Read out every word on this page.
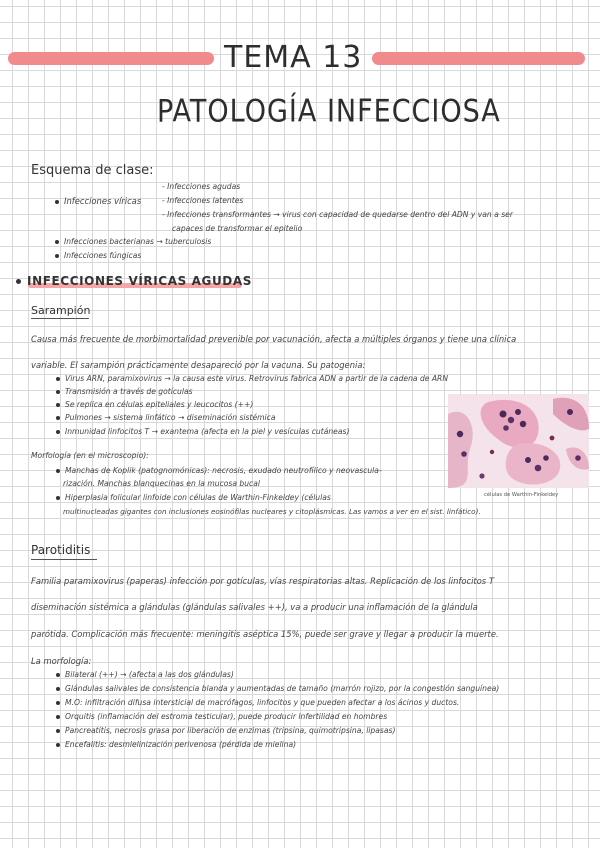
TEMA 13
PATOLOGÍA INFECCIOSA
Esquema de clase:
Infecciones víricas
- Infecciones agudas
- Infecciones latentes
- Infecciones transformantes → virus con capacidad de quedarse dentro del ADN y van a ser
capaces de transformar el epitelio
Infecciones bacterianas → tuberculosis
Infecciones fúngicas
INFECCIONES VÍRICAS AGUDAS
Sarampión
Causa más frecuente de morbimortalidad prevenible por vacunación, afecta a múltiples órganos y tiene una clínica
variable. El sarampión prácticamente desapareció por la vacuna. Su patogenia:
Virus ARN, paramixovirus → la causa este virus. Retrovirus fabrica ADN a partir de la cadena de ARN
Transmisión a través de gotículas
Se replica en células epiteliales y leucocitos (++)
Pulmones → sistema linfático → diseminación sistémica
Inmunidad linfocitos T → exantema (afecta en la piel y vesículas cutáneas)
Morfología (en el microscopio):
Manchas de Koplik (patognomónicas): necrosis, exudado neutrofílico y neovascula-
rización. Manchas blanquecinas en la mucosa bucal
Hiperplasia folicular linfoide con células de Warthin-Finkeldey (células
multinucleadas gigantes con inclusiones eosinófilas nucleares y citoplásmicas. Las vamos a ver en el sist. linfático).
células de Warthin-Finkeldey
Parotiditis
Familia paramixovirus (paperas) infección por gotículas, vías respiratorias altas. Replicación de los linfocitos T
diseminación sistémica a glándulas (glándulas salivales ++), va a producir una inflamación de la glándula
parótida. Complicación más frecuente: meningitis aséptica 15%, puede ser grave y llegar a producir la muerte.
La morfología:
Bilateral (++) → (afecta a las dos glándulas)
Glándulas salivales de consistencia blanda y aumentadas de tamaño (marrón rojizo, por la congestión sanguínea)
M.O: infiltración difusa intersticial de macrófagos, linfocitos y que pueden afectar a los ácinos y ductos.
Orquitis (inflamación del estroma testicular), puede producir infertilidad en hombres
Pancreatitis, necrosis grasa por liberación de enzimas (tripsina, quimotripsina, lipasas)
Encefalitis: desmielinización perivenosa (pérdida de mielina)
